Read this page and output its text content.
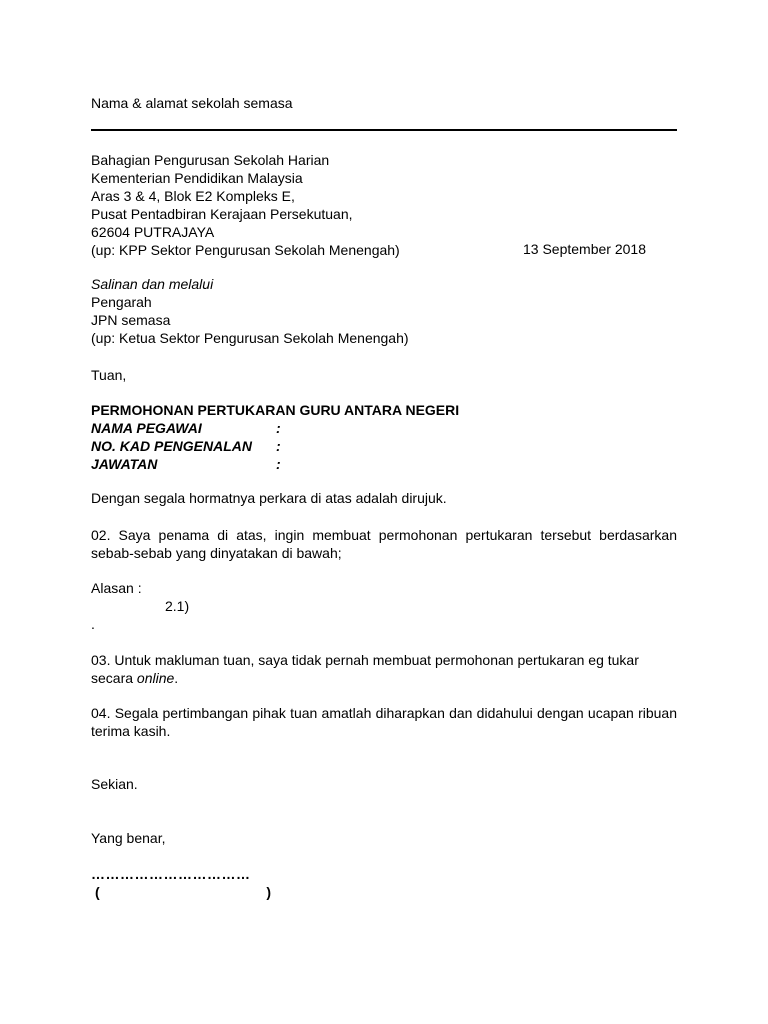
Nama & alamat sekolah semasa
Bahagian Pengurusan Sekolah Harian
Kementerian Pendidikan Malaysia
Aras 3 & 4, Blok E2 Kompleks E,
Pusat Pentadbiran Kerajaan Persekutuan,
62604 PUTRAJAYA
(up: KPP Sektor Pengurusan Sekolah Menengah)	13 September 2018
Salinan dan melalui
Pengarah
JPN semasa
(up: Ketua Sektor Pengurusan Sekolah Menengah)
Tuan,
PERMOHONAN PERTUKARAN GURU ANTARA NEGERI
NAMA PEGAWAI	:
NO. KAD PENGENALAN	:
JAWATAN	:
Dengan segala hormatnya perkara di atas adalah dirujuk.
02. Saya penama di atas, ingin membuat permohonan pertukaran tersebut berdasarkan sebab-sebab yang dinyatakan di bawah;
Alasan :
2.1)
.
03. Untuk makluman tuan, saya tidak pernah membuat permohonan pertukaran eg tukar secara online.
04. Segala pertimbangan pihak tuan amatlah diharapkan dan didahului dengan ucapan ribuan terima kasih.
Sekian.
Yang benar,
……………………………
(	)
